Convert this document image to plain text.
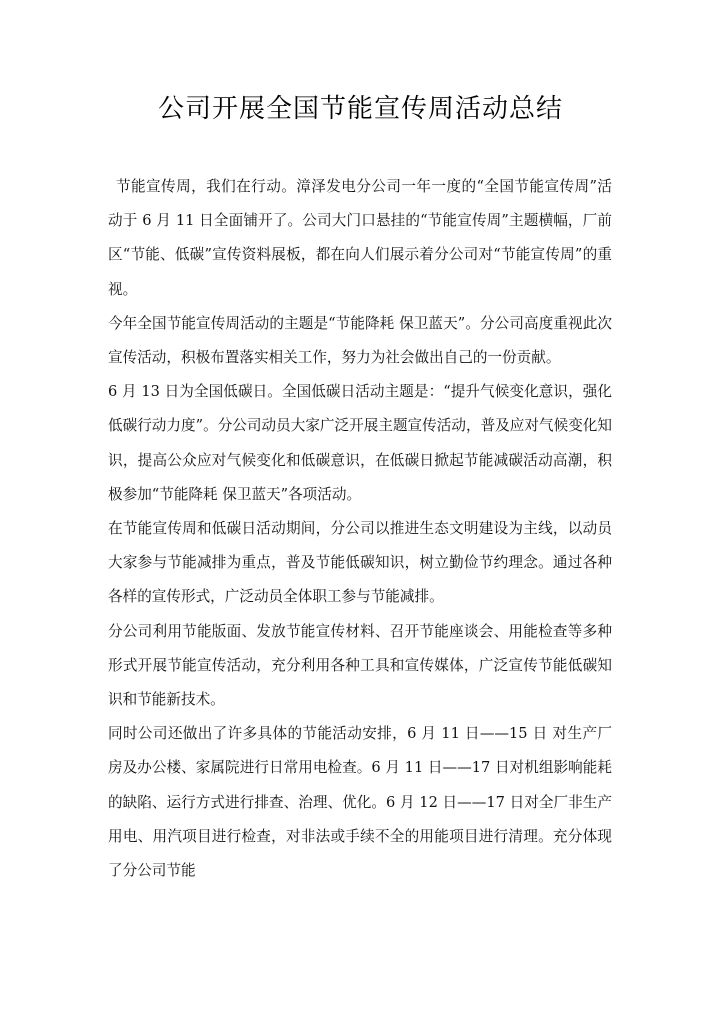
公司开展全国节能宣传周活动总结

节能宣传周，我们在行动。漳泽发电分公司一年一度的“全国节能宣传周”活动于 6 月 11 日全面铺开了。公司大门口悬挂的“节能宣传周”主题横幅，厂前区“节能、低碳”宣传资料展板，都在向人们展示着分公司对“节能宣传周”的重视。

今年全国节能宣传周活动的主题是“节能降耗 保卫蓝天”。分公司高度重视此次宣传活动，积极布置落实相关工作，努力为社会做出自己的一份贡献。

6 月 13 日为全国低碳日。全国低碳日活动主题是：“提升气候变化意识，强化低碳行动力度”。分公司动员大家广泛开展主题宣传活动，普及应对气候变化知识，提高公众应对气候变化和低碳意识，在低碳日掀起节能减碳活动高潮，积极参加“节能降耗 保卫蓝天”各项活动。

在节能宣传周和低碳日活动期间，分公司以推进生态文明建设为主线，以动员大家参与节能减排为重点，普及节能低碳知识，树立勤俭节约理念。通过各种各样的宣传形式，广泛动员全体职工参与节能减排。

分公司利用节能版面、发放节能宣传材料、召开节能座谈会、用能检查等多种形式开展节能宣传活动，充分利用各种工具和宣传媒体，广泛宣传节能低碳知识和节能新技术。

同时公司还做出了许多具体的节能活动安排，6 月 11 日——15 日 对生产厂房及办公楼、家属院进行日常用电检查。6 月 11 日——17 日对机组影响能耗的缺陷、运行方式进行排查、治理、优化。6 月 12 日——17 日对全厂非生产用电、用汽项目进行检查，对非法或手续不全的用能项目进行清理。充分体现了分公司节能
